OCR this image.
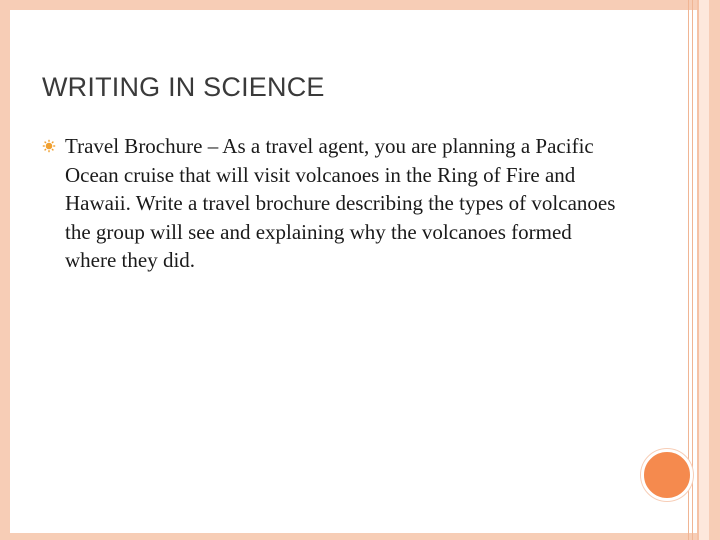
WRITING IN SCIENCE

Travel Brochure – As a travel agent, you are planning a Pacific Ocean cruise that will visit volcanoes in the Ring of Fire and Hawaii. Write a travel brochure describing the types of volcanoes the group will see and explaining why the volcanoes formed where they did.
